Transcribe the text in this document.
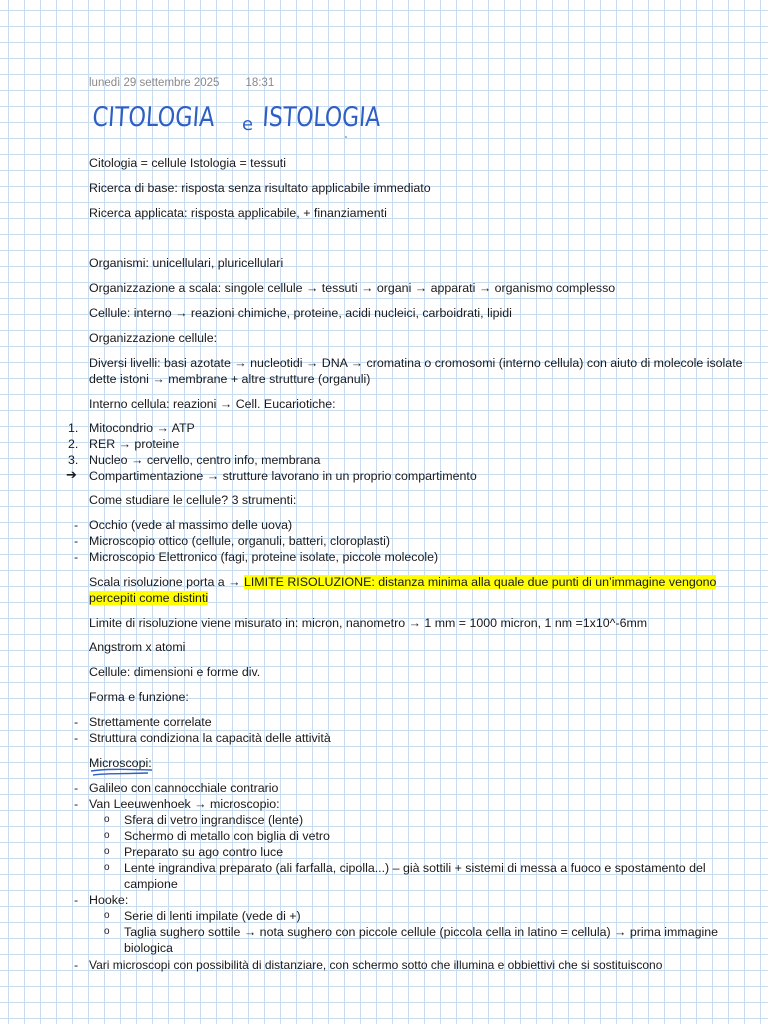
lunedì 29 settembre 2025 18:31
CITOLOGIA e ISTOLOGIA
Citologia = cellule Istologia = tessuti
Ricerca di base: risposta senza risultato applicabile immediato
Ricerca applicata: risposta applicabile, + finanziamenti
Organismi: unicellulari, pluricellulari
Organizzazione a scala: singole cellule → tessuti → organi → apparati → organismo complesso
Cellule: interno → reazioni chimiche, proteine, acidi nucleici, carboidrati, lipidi
Organizzazione cellule:
Diversi livelli: basi azotate → nucleotidi → DNA → cromatina o cromosomi (interno cellula) con aiuto di molecole isolate dette istoni → membrane + altre strutture (organuli)
Interno cellula: reazioni → Cell. Eucariotiche:
1. Mitocondrio → ATP
2. RER → proteine
3. Nucleo → cervello, centro info, membrana
➔ Compartimentazione → strutture lavorano in un proprio compartimento
Come studiare le cellule? 3 strumenti:
- Occhio (vede al massimo delle uova)
- Microscopio ottico (cellule, organuli, batteri, cloroplasti)
- Microscopio Elettronico (fagi, proteine isolate, piccole molecole)
Scala risoluzione porta a → LIMITE RISOLUZIONE: distanza minima alla quale due punti di un’immagine vengono percepiti come distinti
Limite di risoluzione viene misurato in: micron, nanometro → 1 mm = 1000 micron, 1 nm =1x10^-6mm
Angstrom x atomi
Cellule: dimensioni e forme div.
Forma e funzione:
- Strettamente correlate
- Struttura condiziona la capacità delle attività
Microscopi:
- Galileo con cannocchiale contrario
- Van Leeuwenhoek → microscopio:
o Sfera di vetro ingrandisce (lente)
o Schermo di metallo con biglia di vetro
o Preparato su ago contro luce
o Lente ingrandiva preparato (ali farfalla, cipolla...) – già sottili + sistemi di messa a fuoco e spostamento del campione
- Hooke:
o Serie di lenti impilate (vede di +)
o Taglia sughero sottile → nota sughero con piccole cellule (piccola cella in latino = cellula) → prima immagine biologica
- Vari microscopi con possibilità di distanziare, con schermo sotto che illumina e obbiettivi che si sostituiscono
